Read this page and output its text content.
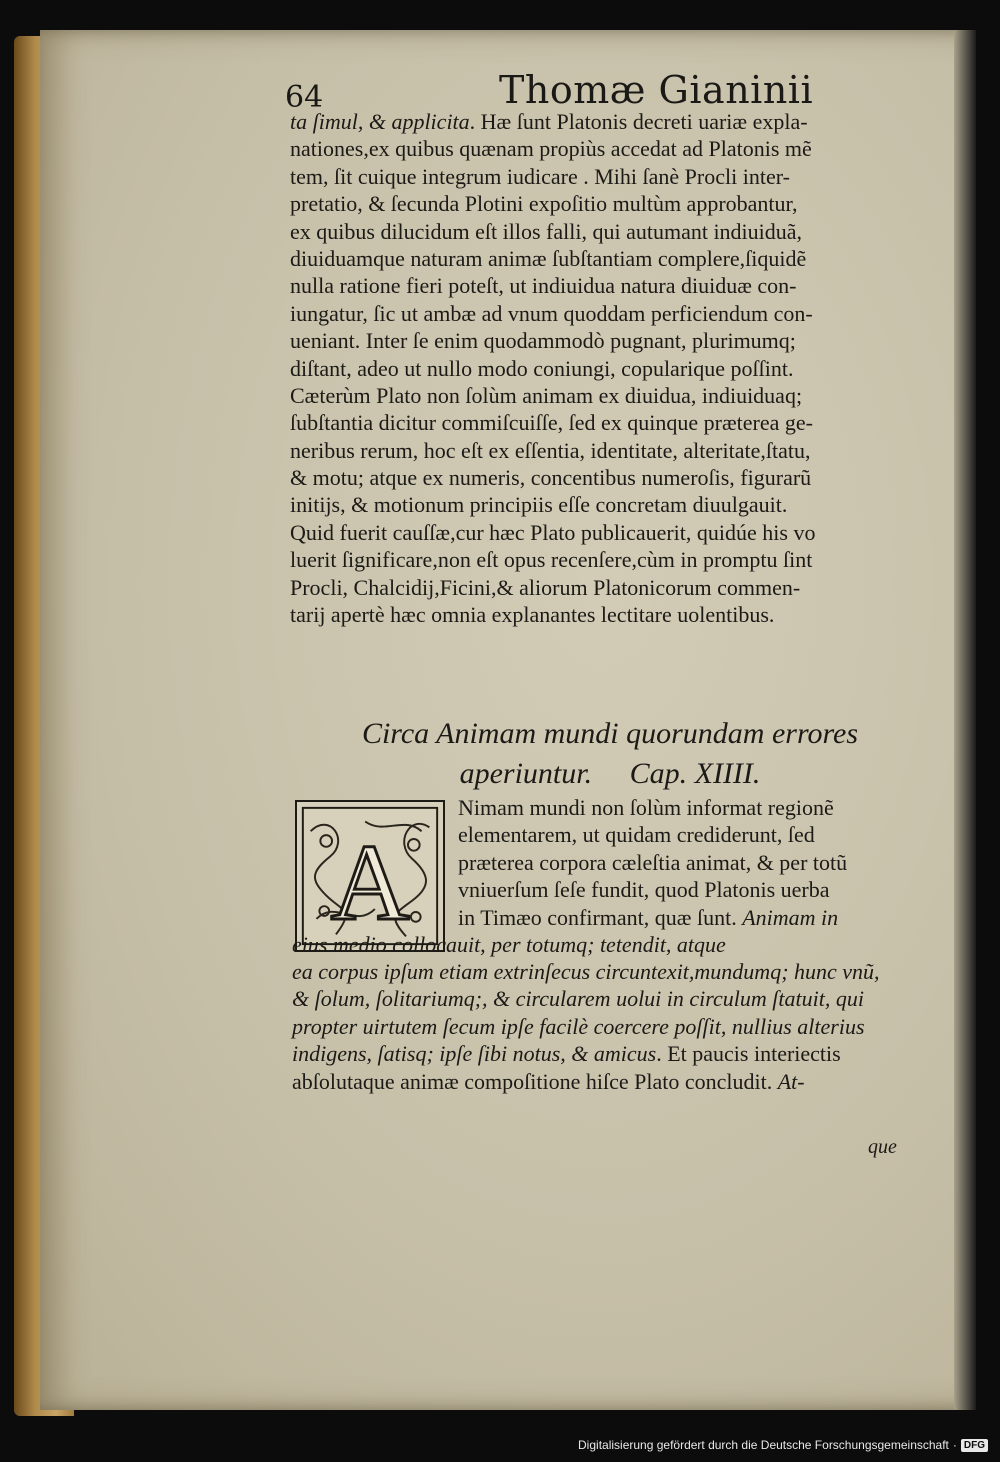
64	Thomæ Gianinii
ta ſimul, & applicita. Hæ ſunt Platonis decreti uariæ expla-
nationes,ex quibus quænam propiùs accedat ad Platonis mẽ
tem, ſit cuique integrum iudicare . Mihi ſanè Procli inter-
pretatio, & ſecunda Plotini expoſitio multùm approbantur,
ex quibus dilucidum eſt illos falli, qui autumant indiuiduã,
diuiduamque naturam animæ ſubſtantiam complere,ſiquidẽ
nulla ratione fieri poteſt, ut indiuidua natura diuiduæ con-
iungatur, ſic ut ambæ ad vnum quoddam perficiendum con-
ueniant. Inter ſe enim quodammodò pugnant, plurimumq;
diſtant, adeo ut nullo modo coniungi, copularique poſſint.
Cæterùm Plato non ſolùm animam ex diuidua, indiuiduaq;
ſubſtantia dicitur commiſcuiſſe, ſed ex quinque præterea ge-
neribus rerum, hoc eſt ex eſſentia, identitate, alteritate,ſtatu,
& motu; atque ex numeris, concentibus numeroſis, figurarũ
initijs, & motionum principiis eſſe concretam diuulgauit.
Quid fuerit cauſſæ,cur hæc Plato publicauerit, quidúe his vo
luerit ſignificare,non eſt opus recenſere,cùm in promptu ſint
Procli, Chalcidij,Ficini,& aliorum Platonicorum commen-
tarij apertè hæc omnia explanantes lectitare uolentibus.
Circa Animam mundi quorundam errores
aperiuntur.     Cap. XIIII.
A
Nimam mundi non ſolùm informat regionẽ
elementarem, ut quidam crediderunt, ſed
præterea corpora cæleſtia animat, & per totũ
vniuerſum ſeſe fundit, quod Platonis uerba
in Timæo confirmant, quæ ſunt. Animam in
eius medio collocauit, per totumq; tetendit, atque
ea corpus ipſum etiam extrinſecus circuntexit,mundumq; hunc vnũ,
& ſolum, ſolitariumq;, & circularem uolui in circulum ſtatuit, qui
propter uirtutem ſecum ipſe facilè coercere poſſit, nullius alterius
indigens, ſatisq; ipſe ſibi notus, & amicus. Et paucis interiectis
abſolutaque animæ compoſitione hiſce Plato concludit. At-
que
Digitalisierung gefördert durch die Deutsche Forschungsgemeinschaft · DFG
